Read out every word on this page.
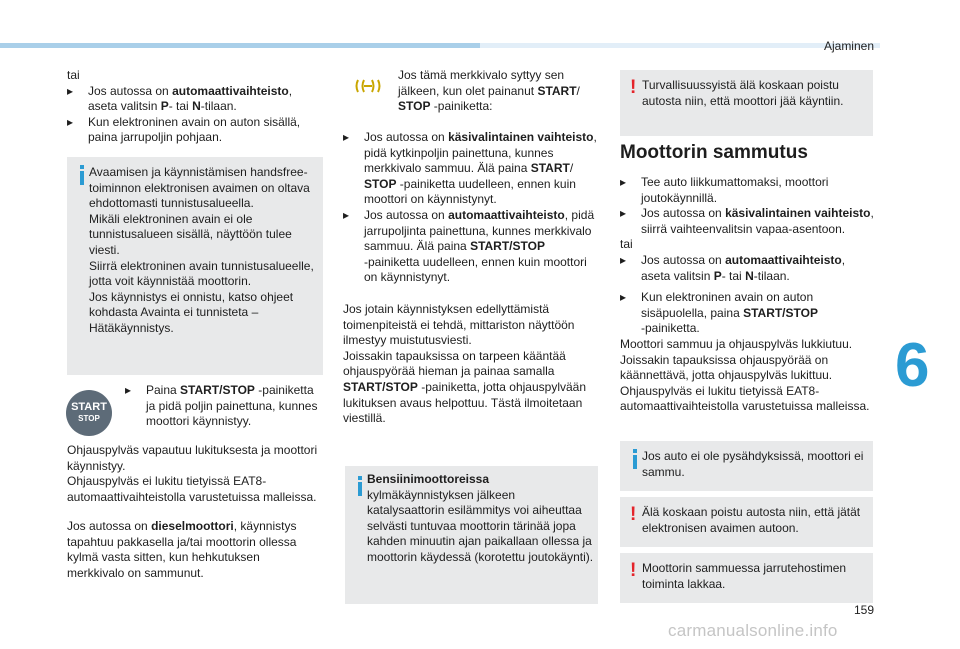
Ajaminen
6
159
carmanualsonline.info
tai
▸ Jos autossa on automaattivaihteisto,
aseta valitsin P- tai N-tilaan.
▸ Kun elektroninen avain on auton sisällä,
paina jarrupoljin pohjaan.
Avaamisen ja käynnistämisen handsfree-
toiminnon elektronisen avaimen on oltava
ehdottomasti tunnistusalueella.
Mikäli elektroninen avain ei ole
tunnistusalueen sisällä, näyttöön tulee
viesti.
Siirrä elektroninen avain tunnistusalueelle,
jotta voit käynnistää moottorin.
Jos käynnistys ei onnistu, katso ohjeet
kohdasta Avainta ei tunnisteta –
Hätäkäynnistys.
START
STOP
▸ Paina START/STOP -painiketta
ja pidä poljin painettuna, kunnes
moottori käynnistyy.
Ohjauspylväs vapautuu lukituksesta ja moottori
käynnistyy.
Ohjauspylväs ei lukitu tietyissä EAT8-
automaattivaihteistolla varustetuissa malleissa.
Jos autossa on dieselmoottori, käynnistys
tapahtuu pakkasella ja/tai moottorin ollessa
kylmä vasta sitten, kun hehkutuksen
merkkivalo on sammunut.
Jos tämä merkkivalo syttyy sen
jälkeen, kun olet painanut START/
STOP -painiketta:
▸ Jos autossa on käsivalintainen vaihteisto,
pidä kytkinpoljin painettuna, kunnes
merkkivalo sammuu. Älä paina START/
STOP -painiketta uudelleen, ennen kuin
moottori on käynnistynyt.
▸ Jos autossa on automaattivaihteisto, pidä
jarrupoljinta painettuna, kunnes merkkivalo
sammuu. Älä paina START/STOP
-painiketta uudelleen, ennen kuin moottori
on käynnistynyt.
Jos jotain käynnistyksen edellyttämistä
toimenpiteistä ei tehdä, mittariston näyttöön
ilmestyy muistutusviesti.
Joissakin tapauksissa on tarpeen kääntää
ohjauspyörää hieman ja painaa samalla
START/STOP -painiketta, jotta ohjauspylvään
lukituksen avaus helpottuu. Tästä ilmoitetaan
viestillä.
Bensiinimoottoreissa
kylmäkäynnistyksen jälkeen
katalysaattorin esilämmitys voi aiheuttaa
selvästi tuntuvaa moottorin tärinää jopa
kahden minuutin ajan paikallaan ollessa ja
moottorin käydessä (korotettu joutokäynti).
! Turvallisuussyistä älä koskaan poistu
autosta niin, että moottori jää käyntiin.
Moottorin sammutus
▸ Tee auto liikkumattomaksi, moottori
joutokäynnillä.
▸ Jos autossa on käsivalintainen vaihteisto,
siirrä vaihteenvalitsin vapaa-asentoon.
tai
▸ Jos autossa on automaattivaihteisto,
aseta valitsin P- tai N-tilaan.
▸ Kun elektroninen avain on auton
sisäpuolella, paina START/STOP
-painiketta.
Moottori sammuu ja ohjauspylväs lukkiutuu.
Joissakin tapauksissa ohjauspyörää on
käännettävä, jotta ohjauspylväs lukittuu.
Ohjauspylväs ei lukitu tietyissä EAT8-
automaattivaihteistolla varustetuissa malleissa.
Jos auto ei ole pysähdyksissä, moottori ei
sammu.
! Älä koskaan poistu autosta niin, että jätät
elektronisen avaimen autoon.
! Moottorin sammuessa jarrutehostimen
toiminta lakkaa.
